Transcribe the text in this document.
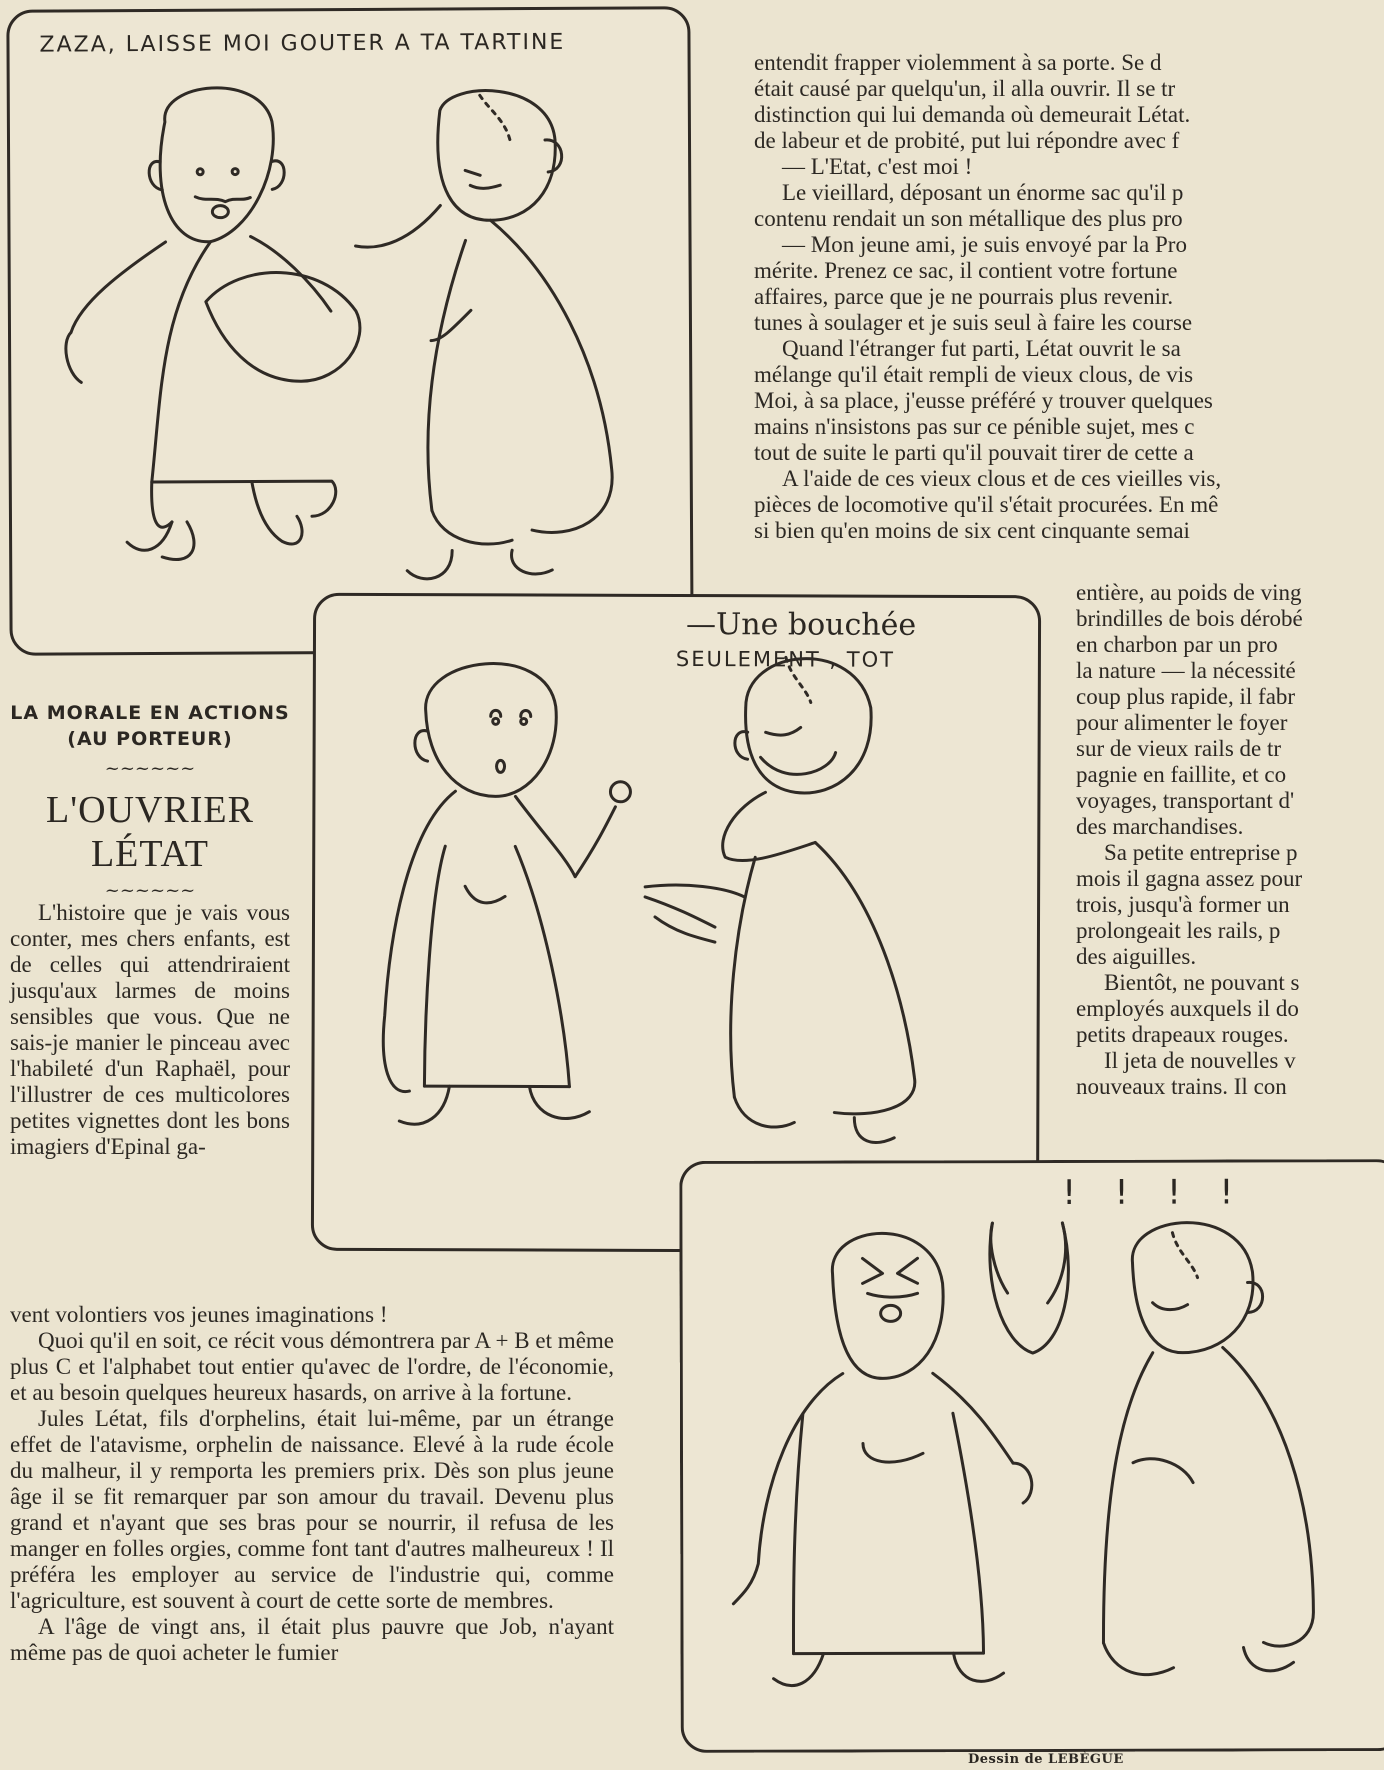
ZAZA, LAISSE MOI GOUTER A TA TARTINE
—Une bouchée
SEULEMENT , TOT
! ! ! !

entendit frapper violemment à sa porte. Se d

était causé par quelqu'un, il alla ouvrir. Il se tr

distinction qui lui demanda où demeurait Létat.

de labeur et de probité, put lui répondre avec f

— L'Etat, c'est moi !

Le vieillard, déposant un énorme sac qu'il p

contenu rendait un son métallique des plus pro

— Mon jeune ami, je suis envoyé par la Pro

mérite. Prenez ce sac, il contient votre fortune

affaires, parce que je ne pourrais plus revenir.

tunes à soulager et je suis seul à faire les course

Quand l'étranger fut parti, Létat ouvrit le sa

mélange qu'il était rempli de vieux clous, de vis

Moi, à sa place, j'eusse préféré y trouver quelques

mains n'insistons pas sur ce pénible sujet, mes c

tout de suite le parti qu'il pouvait tirer de cette a

A l'aide de ces vieux clous et de ces vieilles vis,

pièces de locomotive qu'il s'était procurées. En mê

si bien qu'en moins de six cent cinquante semai

entière, au poids de ving

brindilles de bois dérobé

en charbon par un pro

la nature — la nécessité

coup plus rapide, il fabr

pour alimenter le foyer

sur de vieux rails de tr

pagnie en faillite, et co

voyages, transportant d'

des marchandises.

Sa petite entreprise p

mois il gagna assez pour

trois, jusqu'à former un

prolongeait les rails, p

des aiguilles.

Bientôt, ne pouvant s

employés auxquels il do

petits drapeaux rouges.

Il jeta de nouvelles v

nouveaux trains. Il con

LA MORALE EN ACTIONS
(AU PORTEUR)
~~~~~~
L'OUVRIER LÉTAT
~~~~~~

L'histoire que je vais vous conter, mes chers enfants, est de celles qui attendriraient jusqu'aux larmes de moins sensibles que vous. Que ne sais-je manier le pinceau avec l'habileté d'un Raphaël, pour l'illustrer de ces multicolores petites vignettes dont les bons imagiers d'Epinal ga-

vent volontiers vos jeunes imaginations !

Quoi qu'il en soit, ce récit vous démontrera par A + B et même plus C et l'alphabet tout entier qu'avec de l'ordre, de l'économie, et au besoin quelques heureux hasards, on arrive à la fortune.

Jules Létat, fils d'orphelins, était lui-même, par un étrange effet de l'atavisme, orphelin de naissance. Elevé à la rude école du malheur, il y remporta les premiers prix. Dès son plus jeune âge il se fit remarquer par son amour du travail. Devenu plus grand et n'ayant que ses bras pour se nourrir, il refusa de les manger en folles orgies, comme font tant d'autres malheureux ! Il préféra les employer au service de l'industrie qui, comme l'agriculture, est souvent à court de cette sorte de membres.

A l'âge de vingt ans, il était plus pauvre que Job, n'ayant même pas de quoi acheter le fumier

Dessin de LEBÈGUE
